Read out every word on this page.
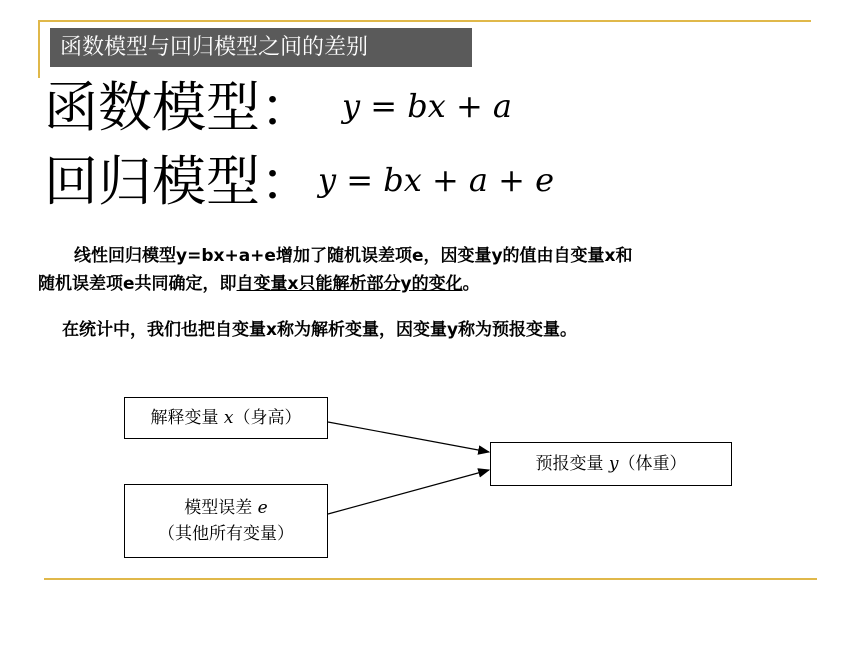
函数模型与回归模型之间的差别
函数模型： y = bx + a
回归模型： y = bx + a + e
线性回归模型y=bx+a+e增加了随机误差项e，因变量y的值由自变量x和
随机误差项e共同确定，即自变量x只能解析部分y的变化。
在统计中，我们也把自变量x称为解析变量，因变量y称为预报变量。
解释变量 x（身高）
模型误差 e
（其他所有变量）
预报变量 y（体重）
